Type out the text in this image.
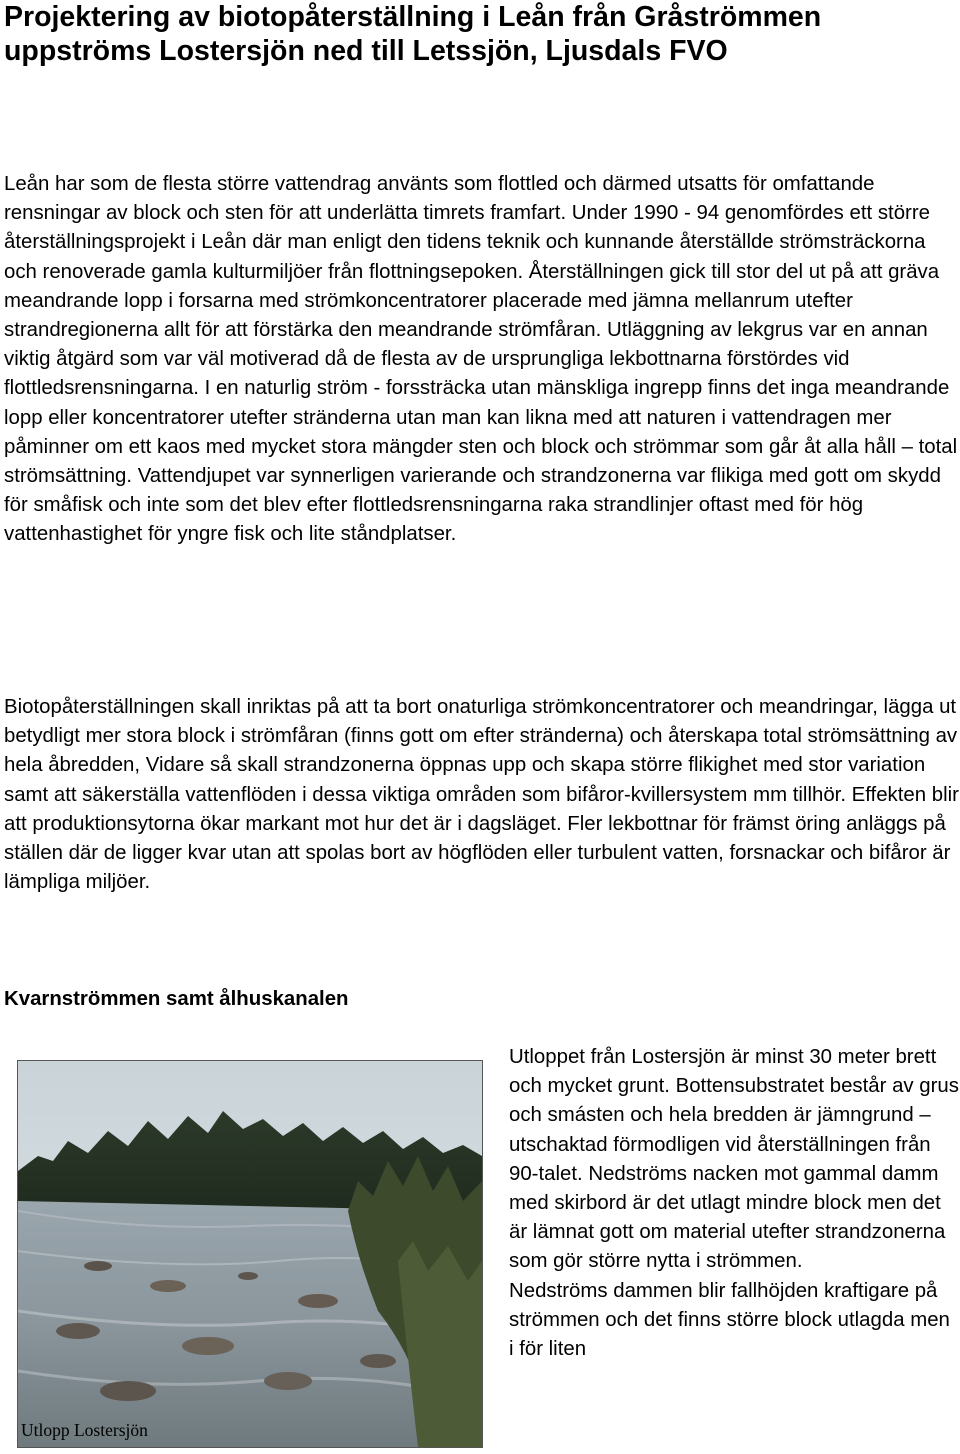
Projektering av biotopåterställning i Leån från Gråströmmen uppströms Lostersjön ned till Letssjön, Ljusdals FVO

Leån har som de flesta större vattendrag använts som flottled och därmed utsatts för omfattande rensningar av block och sten för att underlätta timrets framfart. Under 1990 - 94 genomfördes ett större återställningsprojekt i Leån där man enligt den tidens teknik och kunnande återställde strömsträckorna och renoverade gamla kulturmiljöer från flottningsepoken. Återställningen gick till stor del ut på att gräva meandrande lopp i forsarna med strömkoncentratorer placerade med jämna mellanrum utefter strandregionerna allt för att förstärka den meandrande strömfåran. Utläggning av lekgrus var en annan viktig åtgärd som var väl motiverad då de flesta av de ursprungliga lekbottnarna förstördes vid flottledsrensningarna. I en naturlig ström - forssträcka utan mänskliga ingrepp finns det inga meandrande lopp eller koncentratorer utefter stränderna utan man kan likna med att naturen i vattendragen mer påminner om ett kaos med mycket stora mängder sten och block och strömmar som går åt alla håll – total strömsättning. Vattendjupet var synnerligen varierande och strandzonerna var flikiga med gott om skydd för småfisk och inte som det blev efter flottledsrensningarna raka strandlinjer oftast med för hög vattenhastighet för yngre fisk och lite ståndplatser.

Biotopåterställningen skall inriktas på att ta bort onaturliga strömkoncentratorer och meandringar, lägga ut betydligt mer stora block i strömfåran (finns gott om efter stränderna) och återskapa total strömsättning av hela åbredden, Vidare så skall strandzonerna öppnas upp och skapa större flikighet med stor variation samt att säkerställa vattenflöden i dessa viktiga områden som bifåror-kvillersystem mm tillhör. Effekten blir att produktionsytorna ökar markant mot hur det är i dagsläget. Fler lekbottnar för främst öring anläggs på ställen där de ligger kvar utan att spolas bort av högflöden eller turbulent vatten, forsnackar och bifåror är lämpliga miljöer.

Kvarnströmmen samt ålhuskanalen
Utlopp Lostersjön
Utloppet från Lostersjön är minst 30 meter brett och mycket grunt. Bottensubstratet består av grus och smásten och hela bredden är jämngrund – utschaktad förmodligen vid återställningen från 90-talet. Nedströms nacken mot gammal damm med skirbord är det utlagt mindre block men det är lämnat gott om material utefter strandzonerna som gör större nytta i strömmen.
Nedströms dammen blir fallhöjden kraftigare på strömmen och det finns större block utlagda men i för liten
